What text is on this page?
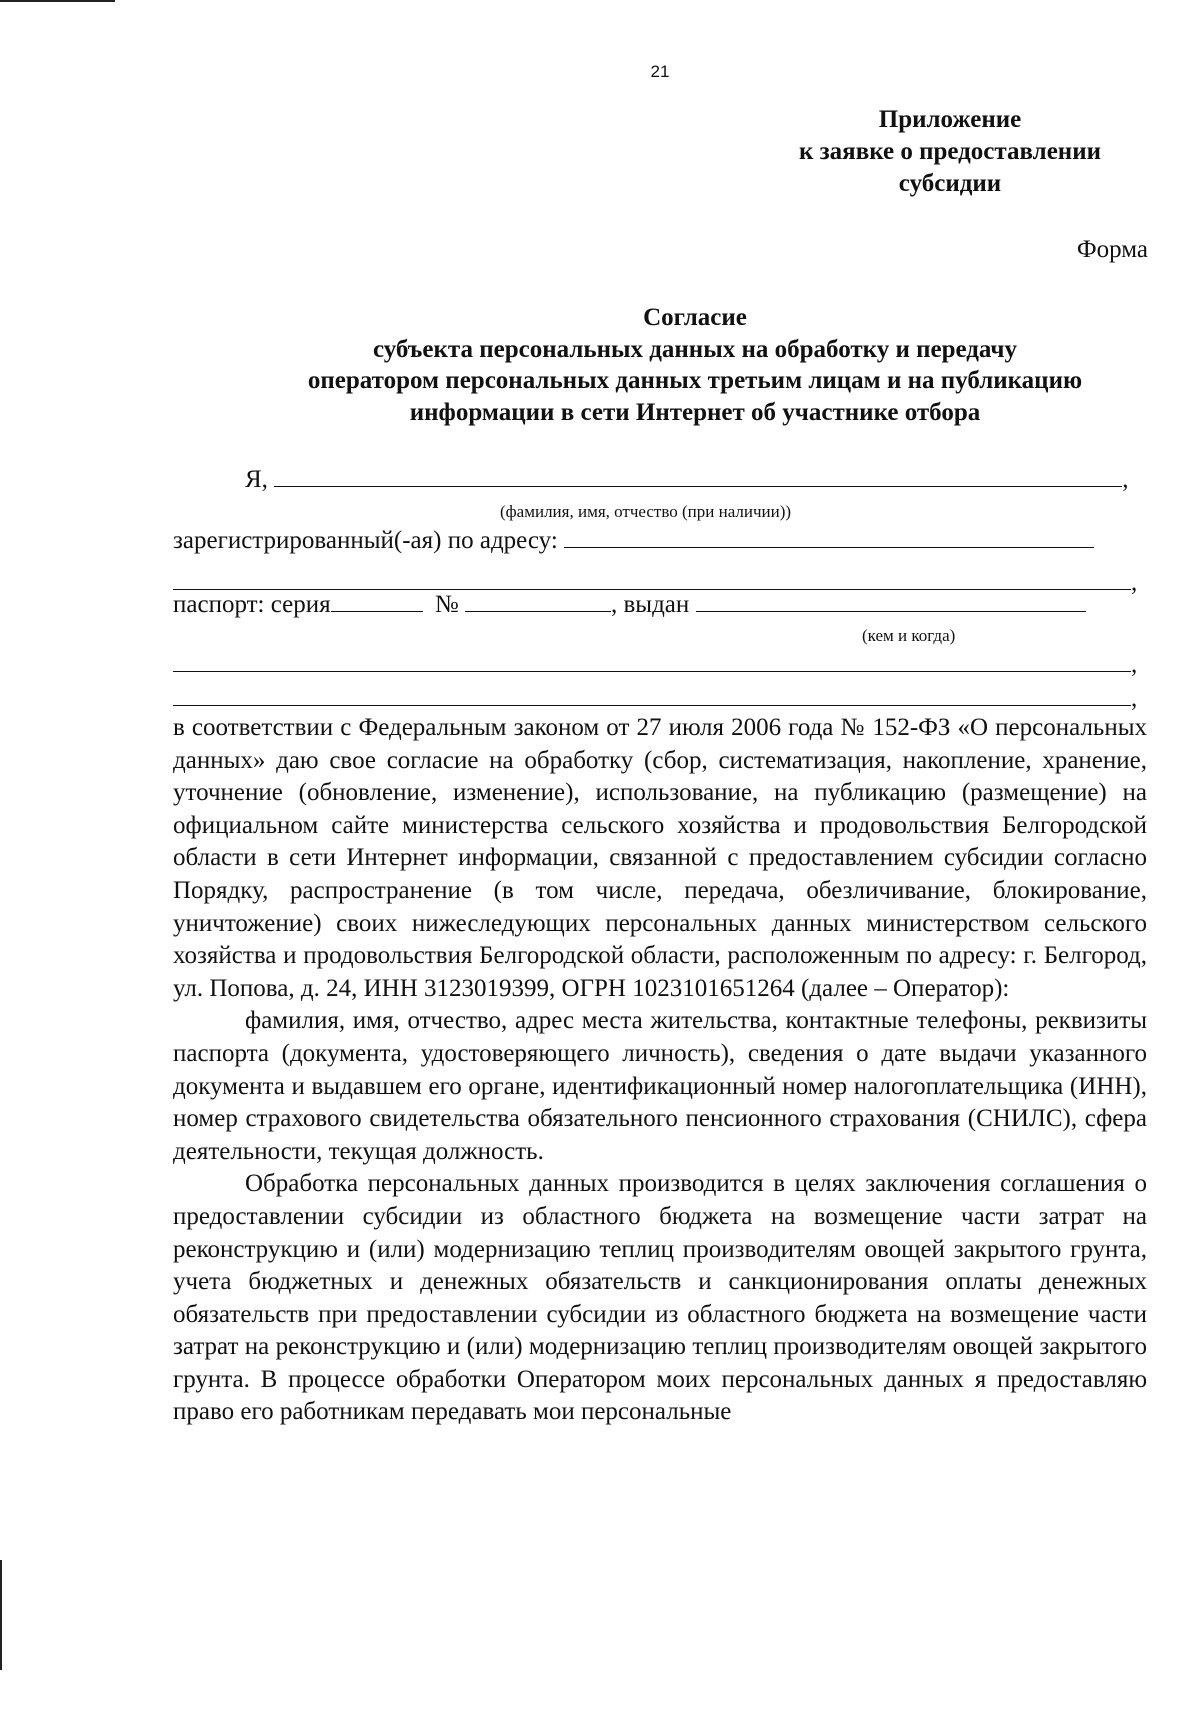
21
Приложение
к заявке о предоставлении
субсидии
Форма
Согласие
субъекта персональных данных на обработку и передачу
оператором персональных данных третьим лицам и на публикацию
информации в сети Интернет об участнике отбора
Я,	,
(фамилия, имя, отчество (при наличии))
зарегистрированный(-ая) по адресу:
,
паспорт: серия	№	, выдан
(кем и когда)
,
,

в соответствии с Федеральным законом от 27 июля 2006 года № 152-ФЗ «О персональных данных» даю свое согласие на обработку (сбор, систематизация, накопление, хранение, уточнение (обновление, изменение), использование, на публикацию (размещение) на официальном сайте министерства сельского хозяйства и продовольствия Белгородской области в сети Интернет информации, связанной с предоставлением субсидии согласно Порядку, распространение (в том числе, передача, обезличивание, блокирование, уничтожение) своих нижеследующих персональных данных министерством сельского хозяйства и продовольствия Белгородской области, расположенным по адресу: г. Белгород, ул. Попова, д. 24, ИНН 3123019399, ОГРН 1023101651264 (далее – Оператор):

фамилия, имя, отчество, адрес места жительства, контактные телефоны, реквизиты паспорта (документа, удостоверяющего личность), сведения о дате выдачи указанного документа и выдавшем его органе, идентификационный номер налогоплательщика (ИНН), номер страхового свидетельства обязательного пенсионного страхования (СНИЛС), сфера деятельности, текущая должность.

Обработка персональных данных производится в целях заключения соглашения о предоставлении субсидии из областного бюджета на возмещение части затрат на реконструкцию и (или) модернизацию теплиц производителям овощей закрытого грунта, учета бюджетных и денежных обязательств и санкционирования оплаты денежных обязательств при предоставлении субсидии из областного бюджета на возмещение части затрат на реконструкцию и (или) модернизацию теплиц производителям овощей закрытого грунта. В процессе обработки Оператором моих персональных данных я предоставляю право его работникам передавать мои персональные
